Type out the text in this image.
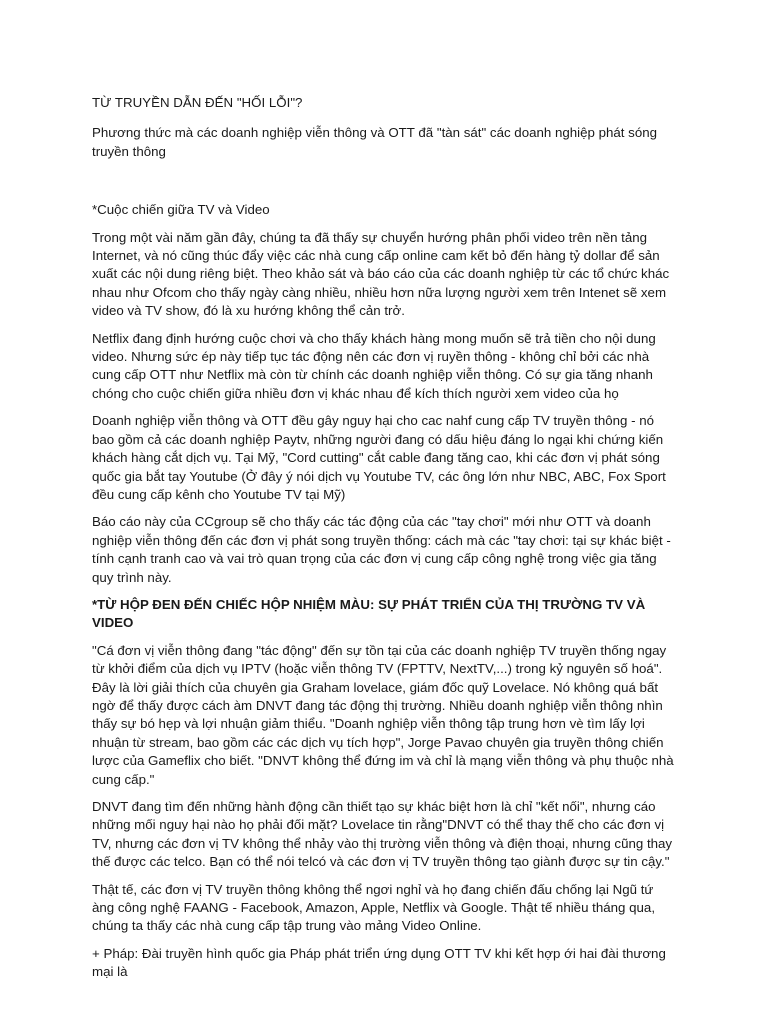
TỪ TRUYỀN DẪN ĐẾN "HỐI LỖI"?

Phương thức mà các doanh nghiệp viễn thông và OTT đã "tàn sát" các doanh nghiệp phát sóng truyền thông

*Cuộc chiến giữa TV và Video

Trong một vài năm gần đây, chúng ta đã thấy sự chuyển hướng phân phối video trên nền tảng Internet, và nó cũng thúc đẩy việc các nhà cung cấp online cam kết bỏ đến hàng tỷ dollar để sản xuất các nội dung riêng biệt. Theo khảo sát và báo cáo của các doanh nghiệp từ các tổ chức khác nhau như Ofcom cho thấy ngày càng nhiều, nhiều hơn nữa lượng người xem trên Intenet sẽ xem video và TV show, đó là xu hướng không thể cản trở.

Netflix đang định hướng cuộc chơi và cho thấy khách hàng mong muốn sẽ trả tiền cho nội dung video. Nhưng sức ép này tiếp tục tác động nên các đơn vị ruyền thông - không chỉ bởi các nhà cung cấp OTT như Netflix mà còn từ chính các doanh nghiệp viễn thông. Có sự gia tăng nhanh chóng cho cuộc chiến giữa nhiều đơn vị khác nhau để kích thích người xem video của họ

Doanh nghiệp viễn thông và OTT đều gây nguy hại cho cac nahf cung cấp TV truyền thông - nó bao gồm cả các doanh nghiệp Paytv, những người đang có dấu hiệu đáng lo ngại khi chứng kiến khách hàng cắt dịch vụ. Tại Mỹ, "Cord cutting" cắt cable đang tăng cao, khi các đơn vị phát sóng quốc gia bắt tay Youtube (Ở đây ý nói dịch vụ Youtube TV, các ông lớn như NBC, ABC, Fox Sport đều cung cấp kênh cho Youtube TV tại Mỹ)

Báo cáo này của CCgroup sẽ cho thấy các tác động của các "tay chơi" mới như OTT và doanh nghiệp viễn thông đến các đơn vị phát song truyền thống: cách mà các "tay chơi: tại sự khác biệt - tính cạnh tranh cao và vai trò quan trọng của các đơn vị cung cấp công nghệ trong việc gia tăng quy trình này.

*TỪ HỘP ĐEN ĐẾN CHIẾC HỘP NHIỆM MÀU: SỰ PHÁT TRIỂN CỦA THỊ TRƯỜNG TV VÀ VIDEO

"Cá đơn vị viễn thông đang "tác động" đến sự tồn tại của các doanh nghiệp TV truyền thống ngay từ khởi điểm của dịch vụ IPTV (hoặc viễn thông TV (FPTTV, NextTV,...) trong kỷ nguyên số hoá". Đây là lời giải thích của chuyên gia Graham lovelace, giám đốc quỹ Lovelace. Nó không quá bất ngờ để thấy được cách àm DNVT đang tác động thị trường. Nhiều doanh nghiệp viễn thông nhìn thấy sự bó hẹp và lợi nhuận giảm thiểu. "Doanh nghiệp viễn thông tập trung hơn vè tìm lấy lợi nhuận từ stream, bao gồm các các dịch vụ tích hợp", Jorge Pavao chuyên gia truyền thông chiến lược của Gameflix cho biết. "DNVT không thể đứng im và chỉ là mạng viễn thông và phụ thuộc nhà cung cấp."

DNVT đang tìm đến những hành động cần thiết tạo sự khác biệt hơn là chỉ "kết nối", nhưng cáo những mối nguy hại nào họ phải đối mặt? Lovelace tin rằng"DNVT có thể thay thế cho các đơn vị TV, nhưng các đơn vị TV không thể nhảy vào thị trường viễn thông và điện thoại, nhưng cũng thay thế được các telco. Bạn có thể nói telcó và các đơn vị TV truyền thông tạo giành được sự tin cậy."

Thật tế, các đơn vị TV truyền thông không thể ngơi nghỉ và họ đang chiến đấu chống lại Ngũ tứ àng công nghệ FAANG - Facebook, Amazon, Apple, Netflix và Google. Thật tế nhiều tháng qua, chúng ta thấy các nhà cung cấp tập trung vào mảng Video Online.

+ Pháp: Đài truyền hình quốc gia Pháp phát triển ứng dụng OTT TV khi kết hợp ới hai đài thương mại là
